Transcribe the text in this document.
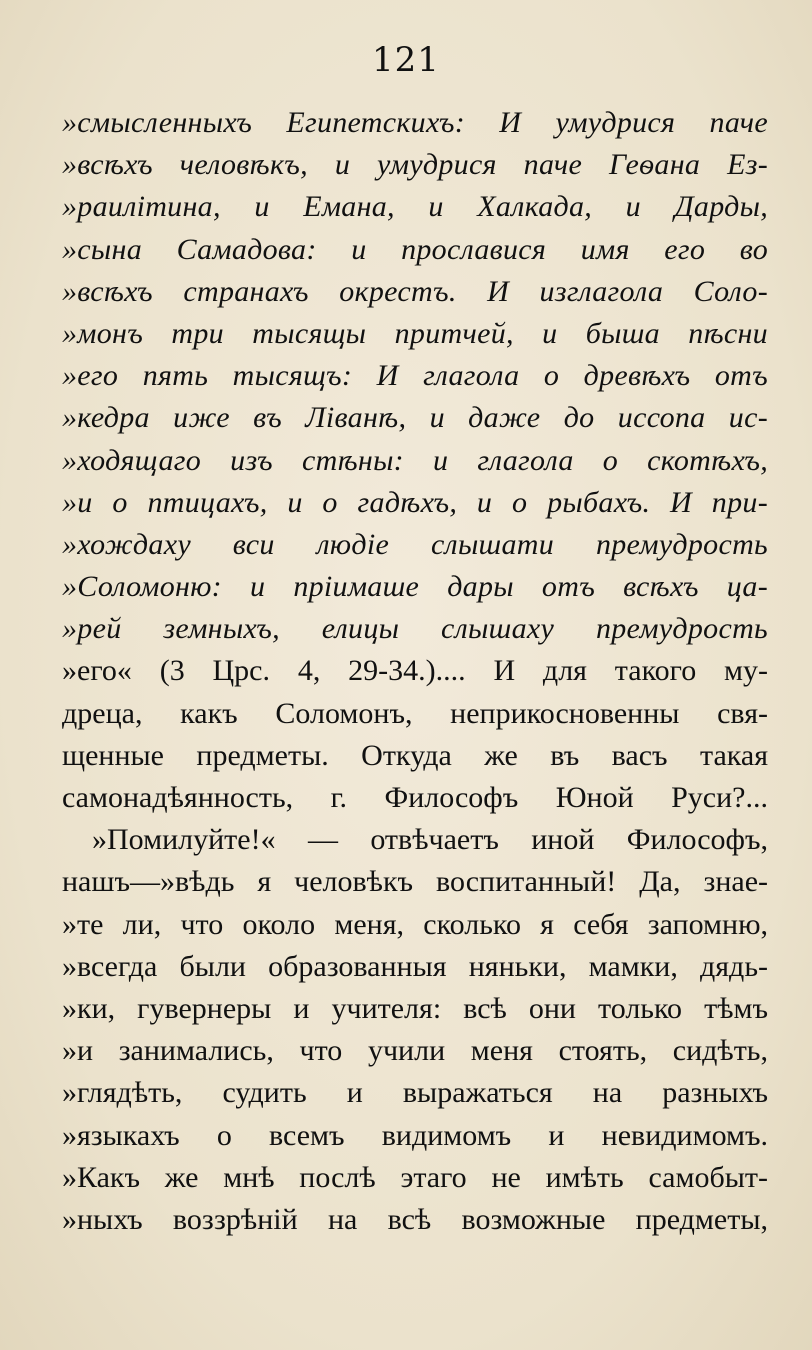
121
»смысленныхъ Египетскихъ: И умудрися паче
»всѣхъ человѣкъ, и умудрися паче Геѳана Ез-
»раилітина, и Емана, и Халкада, и Дарды,
»сына Самадова: и прославися имя его во
»всѣхъ странахъ окрестъ. И изглагола Соло-
»монъ три тысящы притчей, и быша пѣсни
»его пять тысящъ: И глагола о древѣхъ отъ
»кедра иже въ Ліванѣ, и даже до иссопа ис-
»ходящаго изъ стѣны: и глагола о скотѣхъ,
»и о птицахъ, и о гадѣхъ, и о рыбахъ. И при-
»хождаху вси людіе слышати премудрость
»Соломоню: и пріимаше дары отъ всѣхъ ца-
»рей земныхъ, елицы слышаху премудрость
»его« (3 Црс. 4, 29-34.).... И для такого му-
дреца, какъ Соломонъ, неприкосновенны свя-
щенные предметы. Откуда же въ васъ такая
самонадѣянность, г. Философъ Юной Руси?...
»Помилуйте!« — отвѣчаетъ иной Философъ,
нашъ—»вѣдь я человѣкъ воспитанный! Да, знае-
»те ли, что около меня, сколько я себя запомню,
»всегда были образованныя няньки, мамки, дядь-
»ки, гувернеры и учителя: всѣ они только тѣмъ
»и занимались, что учили меня стоять, сидѣть,
»глядѣть, судить и выражаться на разныхъ
»языкахъ о всемъ видимомъ и невидимомъ.
»Какъ же мнѣ послѣ этаго не имѣть самобыт-
»ныхъ воззрѣній на всѣ возможные предметы,
